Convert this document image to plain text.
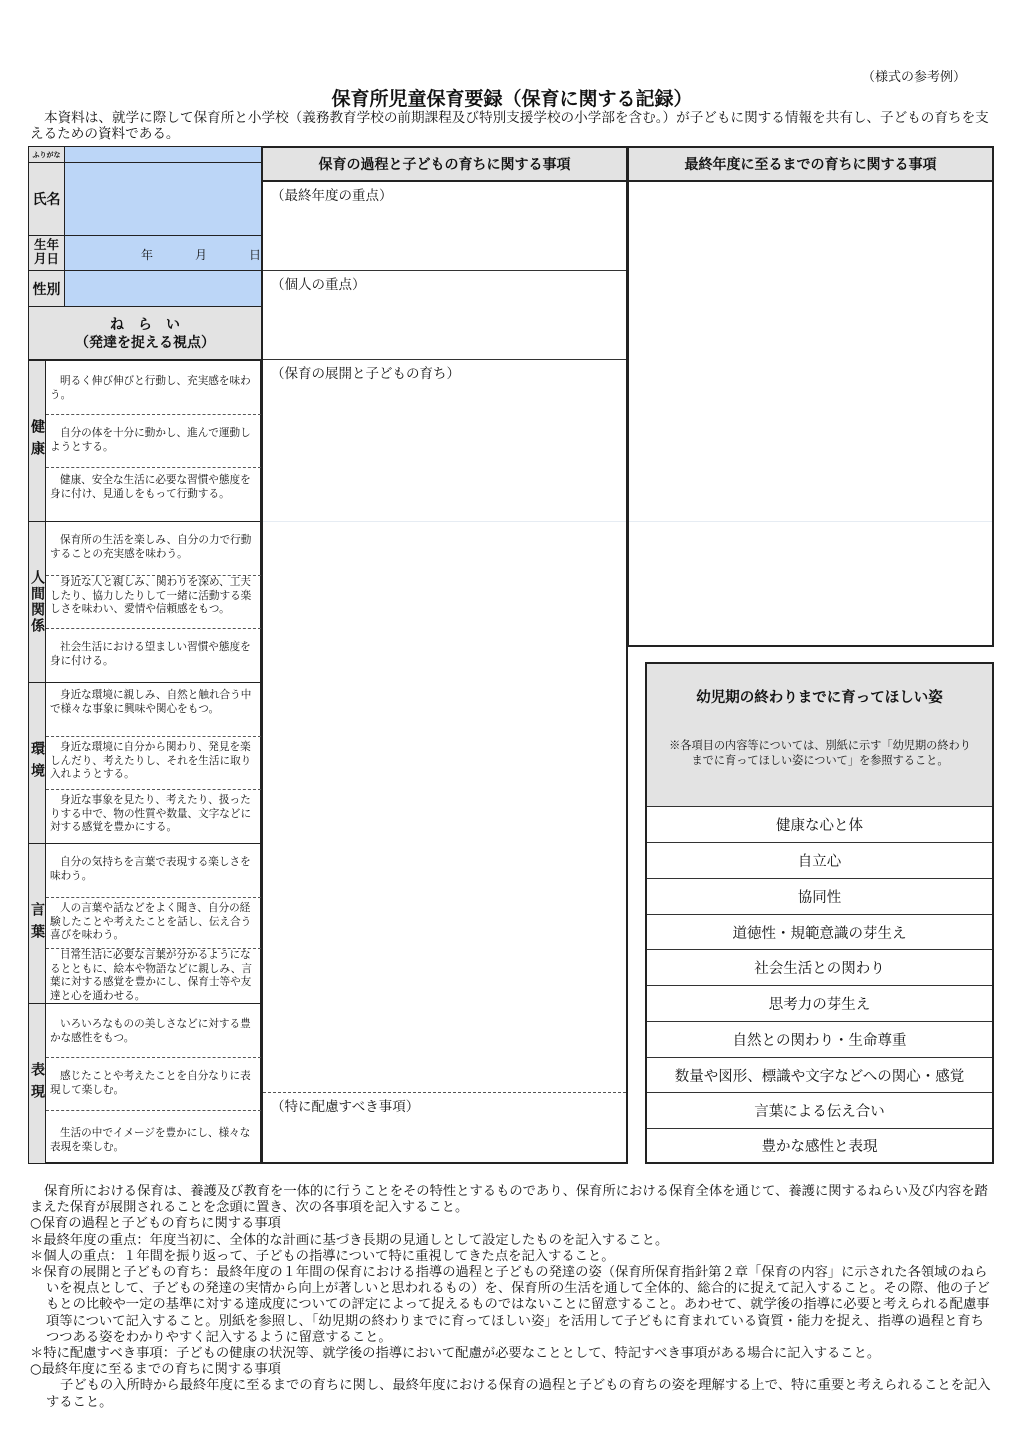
（様式の参考例）
保育所児童保育要録（保育に関する記録）
本資料は、就学に際して保育所と小学校（義務教育学校の前期課程及び特別支援学校の小学部を含む。）が子どもに関する情報を共有し、子どもの育ちを支えるための資料である。
ふりがな
氏名
生年月日	年	月	日
性別
ね　ら　い
（発達を捉える視点）
健康
明るく伸び伸びと行動し、充実感を味わう。
自分の体を十分に動かし、進んで運動しようとする。
健康、安全な生活に必要な習慣や態度を身に付け、見通しをもって行動する。
人間関係
保育所の生活を楽しみ、自分の力で行動することの充実感を味わう。
身近な人と親しみ、関わりを深め、工夫したり、協力したりして一緒に活動する楽しさを味わい、愛情や信頼感をもつ。
社会生活における望ましい習慣や態度を身に付ける。
環境
身近な環境に親しみ、自然と触れ合う中で様々な事象に興味や関心をもつ。
身近な環境に自分から関わり、発見を楽しんだり、考えたりし、それを生活に取り入れようとする。
身近な事象を見たり、考えたり、扱ったりする中で、物の性質や数量、文字などに対する感覚を豊かにする。
言葉
自分の気持ちを言葉で表現する楽しさを味わう。
人の言葉や話などをよく聞き、自分の経験したことや考えたことを話し、伝え合う喜びを味わう。
日常生活に必要な言葉が分かるようになるとともに、絵本や物語などに親しみ、言葉に対する感覚を豊かにし、保育士等や友達と心を通わせる。
表現
いろいろなものの美しさなどに対する豊かな感性をもつ。
感じたことや考えたことを自分なりに表現して楽しむ。
生活の中でイメージを豊かにし、様々な表現を楽しむ。
保育の過程と子どもの育ちに関する事項
（最終年度の重点）
（個人の重点）
（保育の展開と子どもの育ち）
（特に配慮すべき事項）
最終年度に至るまでの育ちに関する事項
幼児期の終わりまでに育ってほしい姿
※各項目の内容等については、別紙に示す「幼児期の終わりまでに育ってほしい姿について」を参照すること。
健康な心と体
自立心
協同性
道徳性・規範意識の芽生え
社会生活との関わり
思考力の芽生え
自然との関わり・生命尊重
数量や図形、標識や文字などへの関心・感覚
言葉による伝え合い
豊かな感性と表現
保育所における保育は、養護及び教育を一体的に行うことをその特性とするものであり、保育所における保育全体を通じて、養護に関するねらい及び内容を踏まえた保育が展開されることを念頭に置き、次の各事項を記入すること。
○保育の過程と子どもの育ちに関する事項
＊最終年度の重点：年度当初に、全体的な計画に基づき長期の見通しとして設定したものを記入すること。
＊個人の重点：１年間を振り返って、子どもの指導について特に重視してきた点を記入すること。
＊保育の展開と子どもの育ち：最終年度の１年間の保育における指導の過程と子どもの発達の姿（保育所保育指針第２章「保育の内容」に示された各領域のねらいを視点として、子どもの発達の実情から向上が著しいと思われるもの）を、保育所の生活を通して全体的、総合的に捉えて記入すること。その際、他の子どもとの比較や一定の基準に対する達成度についての評定によって捉えるものではないことに留意すること。あわせて、就学後の指導に必要と考えられる配慮事項等について記入すること。別紙を参照し、「幼児期の終わりまでに育ってほしい姿」を活用して子どもに育まれている資質・能力を捉え、指導の過程と育ちつつある姿をわかりやすく記入するように留意すること。
＊特に配慮すべき事項：子どもの健康の状況等、就学後の指導において配慮が必要なこととして、特記すべき事項がある場合に記入すること。
○最終年度に至るまでの育ちに関する事項
子どもの入所時から最終年度に至るまでの育ちに関し、最終年度における保育の過程と子どもの育ちの姿を理解する上で、特に重要と考えられることを記入すること。
